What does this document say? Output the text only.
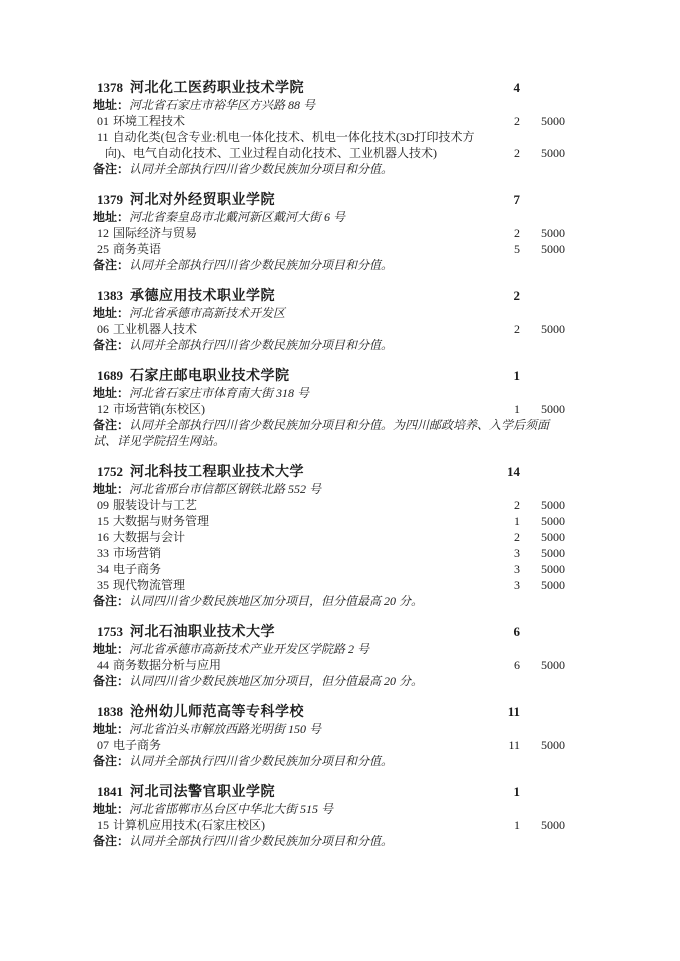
1378 河北化工医药职业技术学院	4
地址：河北省石家庄市裕华区方兴路 88 号
01 环境工程技术	2	5000
11 自动化类(包含专业:机电一体化技术、机电一体化技术(3D打印技术方向)、电气自动化技术、工业过程自动化技术、工业机器人技术)	2	5000
备注：认同并全部执行四川省少数民族加分项目和分值。
1379 河北对外经贸职业学院	7
地址：河北省秦皇岛市北戴河新区戴河大街 6 号
12 国际经济与贸易	2	5000
25 商务英语	5	5000
备注：认同并全部执行四川省少数民族加分项目和分值。
1383 承德应用技术职业学院	2
地址：河北省承德市高新技术开发区
06 工业机器人技术	2	5000
备注：认同并全部执行四川省少数民族加分项目和分值。
1689 石家庄邮电职业技术学院	1
地址：河北省石家庄市体育南大街 318 号
12 市场营销(东校区)	1	5000
备注：认同并全部执行四川省少数民族加分项目和分值。为四川邮政培养、入学后须面试、详见学院招生网站。
1752 河北科技工程职业技术大学	14
地址：河北省邢台市信都区钢铁北路 552 号
09 服装设计与工艺	2	5000
15 大数据与财务管理	1	5000
16 大数据与会计	2	5000
33 市场营销	3	5000
34 电子商务	3	5000
35 现代物流管理	3	5000
备注：认同四川省少数民族地区加分项目，但分值最高 20 分。
1753 河北石油职业技术大学	6
地址：河北省承德市高新技术产业开发区学院路 2 号
44 商务数据分析与应用	6	5000
备注：认同四川省少数民族地区加分项目，但分值最高 20 分。
1838 沧州幼儿师范高等专科学校	11
地址：河北省泊头市解放西路光明街 150 号
07 电子商务	11	5000
备注：认同并全部执行四川省少数民族加分项目和分值。
1841 河北司法警官职业学院	1
地址：河北省邯郸市丛台区中华北大街 515 号
15 计算机应用技术(石家庄校区)	1	5000
备注：认同并全部执行四川省少数民族加分项目和分值。
